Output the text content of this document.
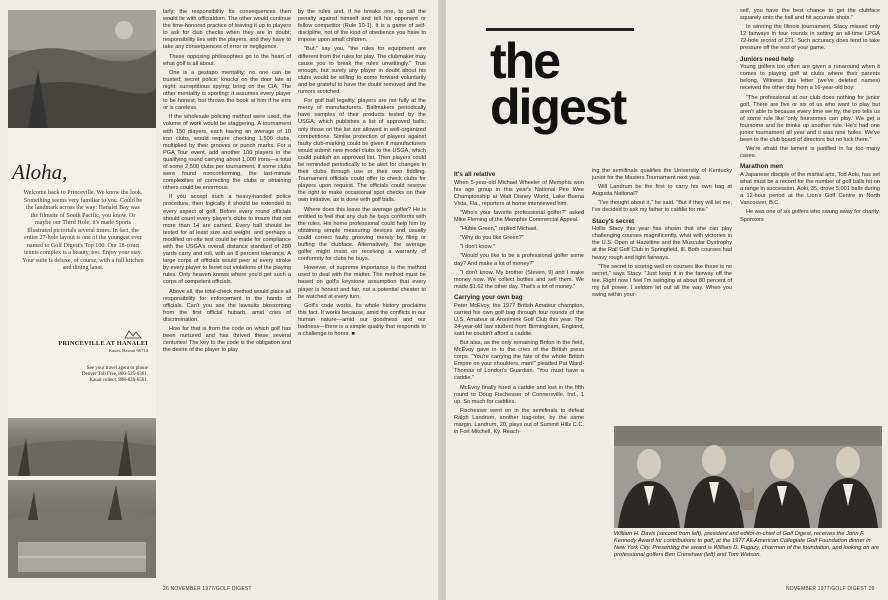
Aloha,
Welcome back to Princeville. We know the look. Something seems very familiar to you. Could be the landmark across the way: Hanalei Bay was the filmsite of South Pacific, you know. Or maybe our Third Hole; it's made Sports Illustrated pictorials several times. In fact, the entire 27-hole layout is one of the youngest ever named to Golf Digest's Top 100. Our 18-court tennis complex is a beauty, too. Enjoy your stay. Your suite is deluxe, of course, with a full kitchen and dining lanai.
PRINCEVILLE AT HANALEI
Kauai, Hawaii 96714
See your travel agent or phone
Denver Toll Free, 800-525-6361.
Kauai collect, 808-826-6561.

larly; the responsibility for consequences then would lie with officialdom. The other would continue the time-honored practice of leaving it up to players to ask for club checks when they are in doubt; responsibility lies with the players, and they have to take any consequences of error or negligence.

These opposing philosophies go to the heart of what golf is all about.

One is a gestapo mentality: no one can be trusted; secret police; knocks on the door late at night; surreptitious spying; bring on the CIA. The other mentality is sporting: it assumes every player to be honest, but throws the book at him if he errs or is careless.

If the wholesale policing method were used, the volume of work would be staggering. A tournament with 150 players, each having an average of 10 iron clubs, would require checking 1,500 clubs, multiplied by their grooves or punch marks. For a PGA Tour event, add another 100 players in the qualifying round carrying about 1,000 irons—a total of some 2,500 clubs per tournament. If some clubs were found nonconforming, the last-minute complexities of correcting the clubs or obtaining others could be enormous.

If you accept such a heavy-handed police procedure, then logically it should be extended to every aspect of golf. Before every round officials should count every player's clubs to insure that not more than 14 are carried. Every ball should be tested for at least size and weight, and perhaps a modified on-site test could be made for compliance with the USGA's overall distance standard of 280 yards carry and roll, with an 8 percent tolerance. A large corps of officials would peer at every stroke by every player to ferret out violations of the playing rules. Only heaven knows where you'd get such a corps of competent officials.

Above all, the total-check method would place all responsibility for enforcement in the hands of officials. Can't you see the lawsuits blossoming from the first official hubarb, amid cries of discrimination.

How far that is from the code on which golf has been nurtured and has thrived these several centuries! The key to the code is the obligation and the desire of the player to play

by the rules and, if he breaks one, to call the penalty against himself and tell his opponent or fellow competitor (Rule 10-1). It is a game of self-discipline, not of the kind of obedience you have to impose upon small children.

"But," say you, "the rules for equipment are different from the rules for play. The clubmaker may cause you to break the rules unwittingly." True enough, but surely any player in doubt about his clubs would be willing to come forward voluntarily and be grateful to have the doubt removed and the rumors scotched.

For golf ball legality, players are not fully at the mercy of manufacturers. Ballmakers periodically have samples of their products tested by the USGA, which publishes a list of approved balls; only those on the list are allowed in well-organized competitions. Similar protection of players against faulty club-marking could be given if manufacturers would submit new model clubs to the USGA, which could publish an approved list. Then players could be reminded periodically to be alert for changes in their clubs through use or their own fiddling. Tournament officials could offer to check clubs for players upon request. The officials could reserve the right to make occasional spot checks on their own initiative, as is done with golf balls.

Where does this leave the average golfer? He is entitled to feel that any club he buys conforms with the rules. His home professional could help him by obtaining simple measuring devices and usually could correct faulty grooving merely by filing or buffing the clubface. Alternatively, the average golfer might insist on receiving a warranty of conformity for clubs he buys.

However, of supreme importance is the method used to deal with the matter. The method must be based on golf's keystone assumption that every player is honest and fair, not a potential cheater to be watched at every turn.

Golf's code works. Its whole history proclaims this fact. It works because, amid the conflicts in our human nature—amid our goodness and our badness—there is a simple quality that responds to a challenge to honor. ■

26 NOVEMBER 1977/GOLF DIGEST
the
digest
It's all relative

When 5-year-old Michael Wheeler of Memphis won his age group in this year's National Pee Wee Championship at Walt Disney World, Lake Buena Vista, Fla., reporters at home interviewed him.

"Who's your favorite professional golfer?" asked Mike Fleming of the Memphis Commercial Appeal.

"Hubie Green," replied Michael.

"Why do you like Green?"

"I don't know."

"Would you like to be a professional golfer some day? And make a lot of money?"

"I don't know. My brother (Steven, 9) and I make money now. We collect bottles and sell them. We made $1.62 the other day. That's a lot of money."

Carrying your own bag

Peter McEvoy, the 1977 British Amateur champion, carried his own golf bag through four rounds of the U.S. Amateur at Aronimink Golf Club this year. The 24-year-old law student from Birmingham, England, said he couldn't afford a caddie.

But alas, as the only remaining Briton in the field, McEvoy gave in to the cries of the British press corps. "You're carrying the fate of the whole British Empire on your shoulders, man!" pleaded Pat Ward-Thomas of London's Guardian. "You must have a caddie."

McEvoy finally hired a caddie and lost in the fifth round to Doug Fischesser of Connersville, Ind., 1 up. So much for caddies.

Fischesser went on in the semifinals to defeat Ralph Landrum, another bag-toter, by the same margin. Landrum, 20, plays out of Summit Hills C.C. in Fort Mitchell, Ky. Reach-

ing the semifinals qualifies the University of Kentucky junior for the Masters Tournament next year.

Will Landrum be the first to carry his own bag at Augusta National?

"I've thought about it," he said. "But if they will let me, I've decided to ask my father to caddie for me."

Stacy's secret

Hollis Stacy this year has shown that she can play challenging courses magnificently, what with victories in the U.S. Open at Hazeltine and the Muscular Dystrophy at the Rail Golf Club in Springfield, Ill. Both courses had heavy rough and tight fairways.

"The secret to scoring well on courses like these is no secret," says Stacy. "Just keep it in the fairway off the tee. Right now I feel I'm swinging at about 80 percent of my full power. I seldom let out all the way. When you swing within your-

self, you have the best chance to get the clubface squarely onto the ball and hit accurate shots."

In winning the Illinois tournament, Stacy missed only 12 fairways in four rounds in setting an all-time LPGA 72-hole record of 271. Such accuracy does tend to take pressure off the rest of your game.

Juniors need help

Young golfers too often are given a runaround when it comes to playing golf at clubs where their parents belong. Witness this letter (we've deleted names) received the other day from a 16-year-old boy:

"The professional at our club does nothing for junior golf. There are five or six of us who want to play but aren't able to because every time we try, the pro tells us of some rule like 'only foursomes can play.' We get a foursome and he thinks up another rule. He's had one junior tournament all year and it was nine holes. We've been to the club board of directors but no luck there."

We're afraid the lament is justified in far too many cases.

Marathon men

A Japanese disciple of the martial arts, Tod Aoki, has set what must be a record for the number of golf balls hit on a range in succession. Aoki, 35, drove 5,001 balls during a 12-hour period at the Lion's Golf Centre in North Vancouver, B.C.

He was one of six golfers who swung away for charity. Sponsors

William H. Davis (second from left), president and editor-in-chief of Golf Digest, receives the John F. Kennedy Award for contributions to golf, at the 1977 All-American Collegiate Golf Foundation dinner in New York City. Presenting the award is William D. Fugazy, chairman of the foundation, and looking on are professional golfers Ben Crenshaw (left) and Tom Watson.
NOVEMBER 1977/GOLF DIGEST 29
